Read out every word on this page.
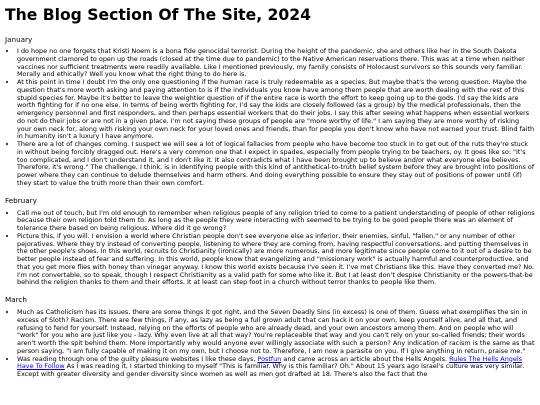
The Blog Section Of The Site, 2024
January
• I do hope no one forgets that Kristi Noem is a bona fide genocidal terrorist. During the height of the pandemic, she and others like her in the South Dakota government clamored to open up the roads (closed at the time due to pandemic) to the Native American reservations there. This was at a time when neither vaccines nor sufficient treatments were readily available. Like I mentioned previously, my family consists of Holocaust survivors so this sounds very familiar. Morally and ethically? Well you know what the right thing to do here is.
• At this point in time I doubt I'm the only one questioning if the human race is truly redeemable as a species. But maybe that's the wrong question. Maybe the question that's more worth asking and paying attention to is if the individuals you know have among them people that are worth dealing with the rest of this stupid species for. Maybe it's better to leave the weightier question of if the entire race is worth the effort to keep going up to the gods. I'd say the kids are worth fighting for if no one else. In terms of being worth fighting for, I'd say the kids are closely followed (as a group) by the medical professionals, then the emergency personnel and first responders, and then perhaps essential workers that do their jobs. I say this after seeing what happens when essential workers do not do their jobs or are not in a given place. I'm not saying these groups of people are "more worthy of life." I am saying they are more worthy of risking your own neck for, along with risking your own neck for your loved ones and friends, than for people you don't know who have not earned your trust. Blind faith in humanity isn't a luxury I have anymore.
• There are a lot of changes coming. I suspect we will see a lot of logical fallacies from people who have become too stuck in to get out of the ruts they're stuck in without being forcibly dragged out. Here's a very common one that I expect in spades, especially from people trying to be teachers, oy. It goes like so: "It's too complicated, and I don't understand it, and I don't like it. It also contradicts what I have been brought up to believe and/or what everyone else believes. Therefore, it's wrong." The challenge, I think, is in identifying people with this kind of antithetical-to-truth belief system before they are brought into positions of power where they can continue to delude themselves and harm others. And doing everything possible to ensure they stay out of positions of power until (if) they start to value the truth more than their own comfort.
February
• Call me out of touch, but I'm old enough to remember when religious people of any religion tried to come to a patient understanding of people of other religions because their own religion told them to. As long as the people they were interacting with seemed to be trying to be good people there was an element of tolerance there based on being religious. Where did it go wrong?
• Picture this, if you will. I envision a world where Christian people don't see everyone else as inferior, their enemies, sinful, "fallen," or any number of other pejoratives. Where they try instead of converting people, listening to where they are coming from, having respectful conversations, and putting themselves in the other people's shoes. In this world, recruits to Christianity (ironically) are more numerous, and more legitimate since people come to it out of a desire to be better people instead of fear and suffering. In this world, people know that evangelizing and "missionary work" is actually harmful and counterproductive, and that you get more flies with honey than vinegar anyway. I know this world exists because I've seen it. I've met Christians like this. Have they converted me? No. I'm not convertable, so to speak, though I respect Christianity as a valid path for some who like it. But I at least don't despise Christianity or the powers-that-be behind the religion thanks to them and their efforts. It at least can step foot in a church without terror thanks to people like them.
March
• Much as Catholicism has its issues, there are some things it got right, and the Seven Deadly Sins (in excess) is one of them. Guess what exemplifies the sin in excess of Sloth? Racism. There are few things, if any, as lazy as being a full grown adult that can hack it on your own, keep yourself alive, and all that, and refusing to fend for yourself. Instead, relying on the efforts of people who are already dead, and your own ancestors among them. And on people who will "work" for you who are just like you - lazy. Why even live at all that way? You're replaceable that way and you can't rely on your so-called friends; their words aren't worth the spit behind them. More importantly why would anyone ever willingly associate with such a person? Any indication of racism is the same as that person saying, "I am fully capable of making it on my own, but I choose not to. Therefore, I am now a parasite on you. If I give anything in return, praise me."
• Was reading through one of the guilty pleasure websites I like these days, Postfun and came across an article about the Hells Angels. Rules The Hells Angels Have To Follow As I was reading it, I started thinking to myself "This is familiar. Why is this familiar? Oh." About 15 years ago Israel's culture was very similar. Except with greater diversity and gender diversity since women as well as men got drafted at 18. There's also the fact that the
